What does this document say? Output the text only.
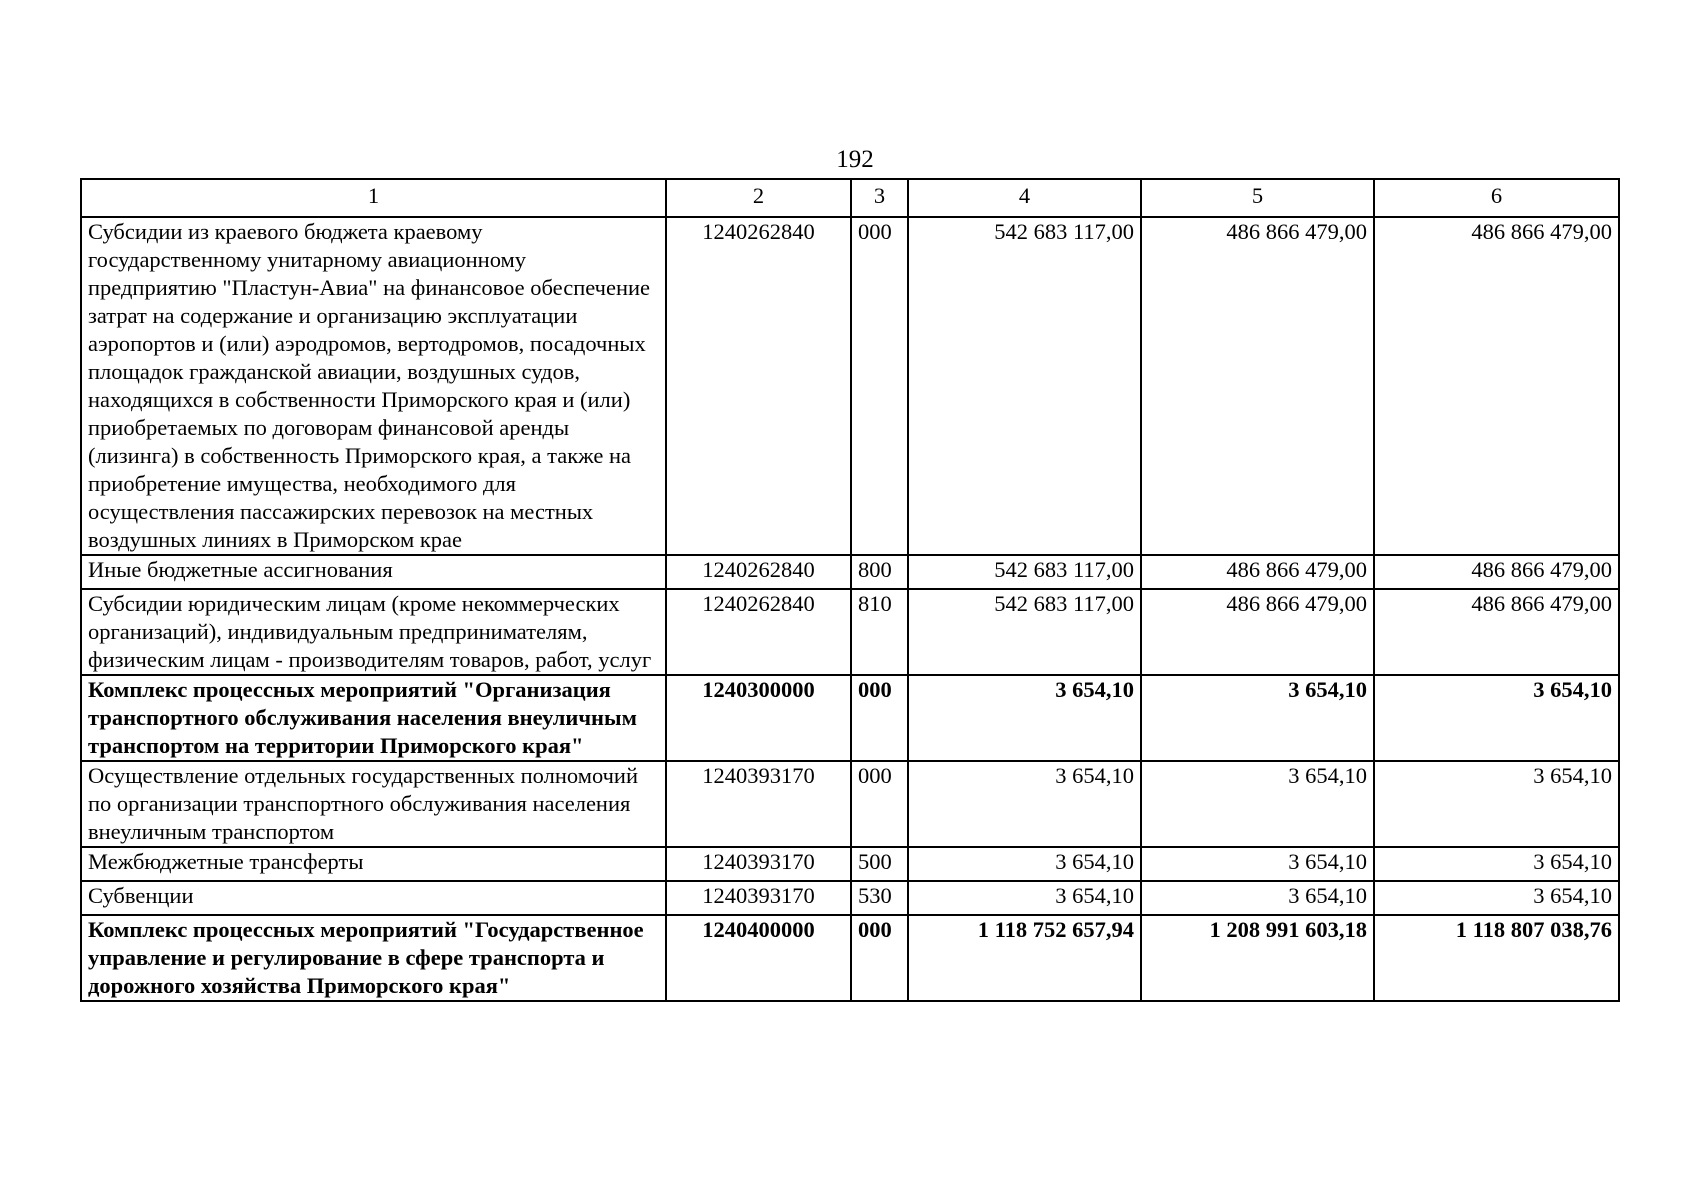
192
1	2	3	4	5	6
Субсидии из краевого бюджета краевому государственному унитарному авиационному предприятию "Пластун-Авиа" на финансовое обеспечение затрат на содержание и организацию эксплуатации аэропортов и (или) аэродромов, вертодромов, посадочных площадок гражданской авиации, воздушных судов, находящихся в собственности Приморского края и (или) приобретаемых по договорам финансовой аренды (лизинга) в собственность Приморского края, а также на приобретение имущества, необходимого для осуществления пассажирских перевозок на местных воздушных линиях в Приморском крае	1240262840	000	542 683 117,00	486 866 479,00	486 866 479,00
Иные бюджетные ассигнования	1240262840	800	542 683 117,00	486 866 479,00	486 866 479,00
Субсидии юридическим лицам (кроме некоммерческих организаций), индивидуальным предпринимателям, физическим лицам - производителям товаров, работ, услуг	1240262840	810	542 683 117,00	486 866 479,00	486 866 479,00
Комплекс процессных мероприятий "Организация транспортного обслуживания населения внеуличным транспортом на территории Приморского края"	1240300000	000	3 654,10	3 654,10	3 654,10
Осуществление отдельных государственных полномочий по организации транспортного обслуживания населения внеуличным транспортом	1240393170	000	3 654,10	3 654,10	3 654,10
Межбюджетные трансферты	1240393170	500	3 654,10	3 654,10	3 654,10
Субвенции	1240393170	530	3 654,10	3 654,10	3 654,10
Комплекс процессных мероприятий "Государственное управление и регулирование в сфере транспорта и дорожного хозяйства Приморского края"	1240400000	000	1 118 752 657,94	1 208 991 603,18	1 118 807 038,76
